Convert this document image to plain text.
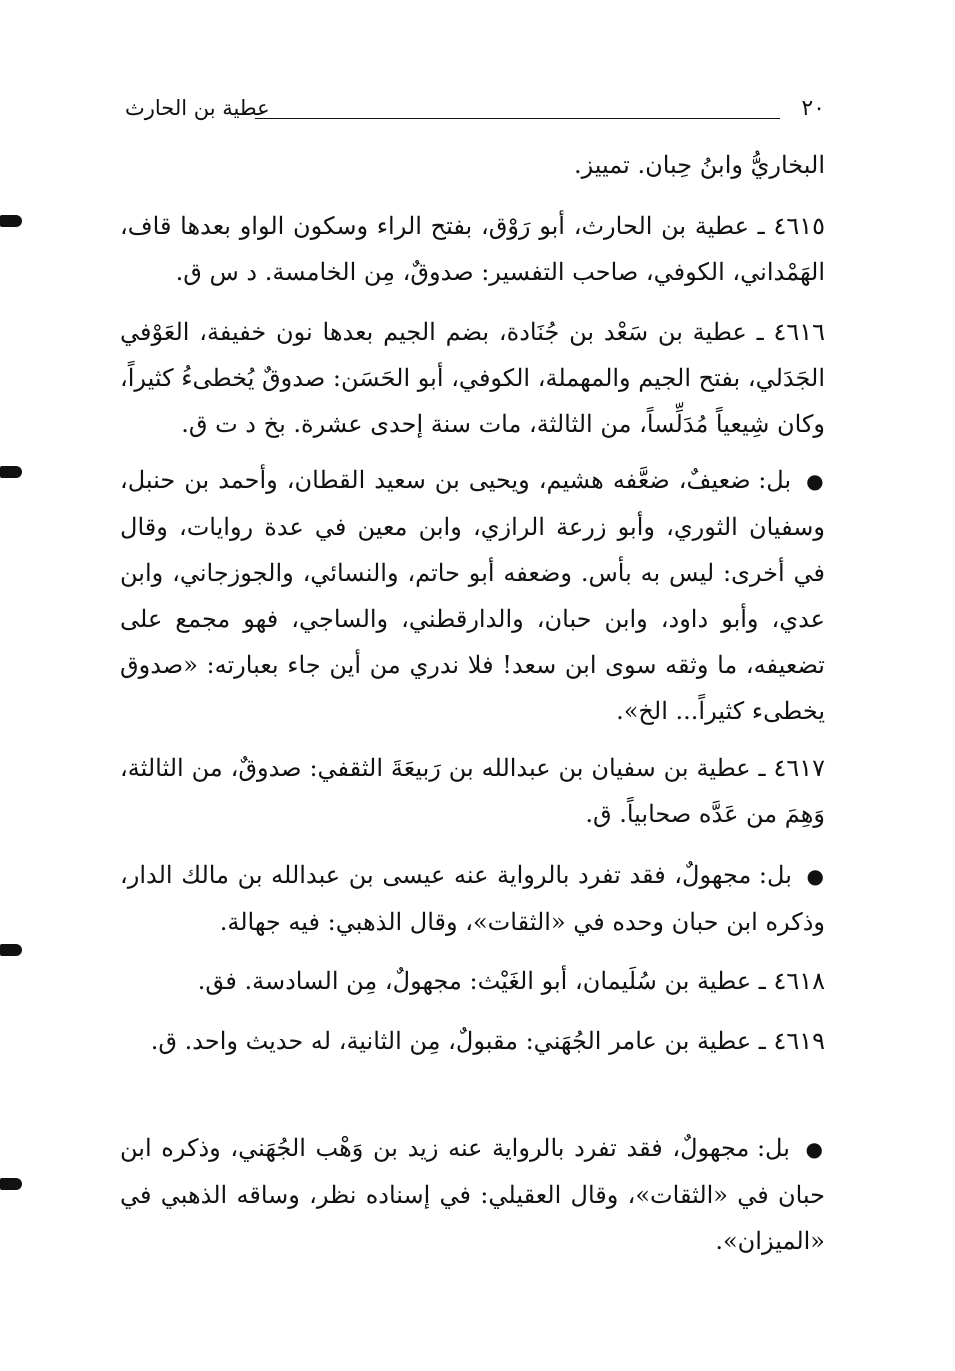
٢٠
عطية بن الحارث

البخاريُّ وابنُ حِبان. تمييز.

٤٦١٥ ـ عطية بن الحارث، أبو رَوْق، بفتح الراء وسكون الواو بعدها قاف، الهَمْداني، الكوفي، صاحب التفسير: صدوقٌ، مِن الخامسة. د س ق.

٤٦١٦ ـ عطية بن سَعْد بن جُنَادة، بضم الجيم بعدها نون خفيفة، العَوْفي الجَدَلي، بفتح الجيم والمهملة، الكوفي، أبو الحَسَن: صدوقٌ يُخطىءُ كثيراً، وكان شِيعياً مُدَلِّساً، من الثالثة، مات سنة إحدى عشرة. بخ د ت ق.

● بل: ضعيفٌ، ضعَّفه هشيم، ويحيى بن سعيد القطان، وأحمد بن حنبل، وسفيان الثوري، وأبو زرعة الرازي، وابن معين في عدة روايات، وقال في أخرى: ليس به بأس. وضعفه أبو حاتم، والنسائي، والجوزجاني، وابن عدي، وأبو داود، وابن حبان، والدارقطني، والساجي، فهو مجمع على تضعيفه، ما وثقه سوى ابن سعد! فلا ندري من أين جاء بعبارته: «صدوق يخطىء كثيراً... الخ».

٤٦١٧ ـ عطية بن سفيان بن عبدالله بن رَبيعَةَ الثقفي: صدوقٌ، من الثالثة، وَهِمَ من عَدَّه صحابياً. ق.

● بل: مجهولٌ، فقد تفرد بالرواية عنه عيسى بن عبدالله بن مالك الدار، وذكره ابن حبان وحده في «الثقات»، وقال الذهبي: فيه جهالة.

٤٦١٨ ـ عطية بن سُلَيمان، أبو الغَيْث: مجهولٌ، مِن السادسة. فق.

٤٦١٩ ـ عطية بن عامر الجُهَني: مقبولٌ، مِن الثانية، له حديث واحد. ق.

● بل: مجهولٌ، فقد تفرد بالرواية عنه زيد بن وَهْب الجُهَني، وذكره ابن حبان في «الثقات»، وقال العقيلي: في إسناده نظر، وساقه الذهبي في «الميزان».
